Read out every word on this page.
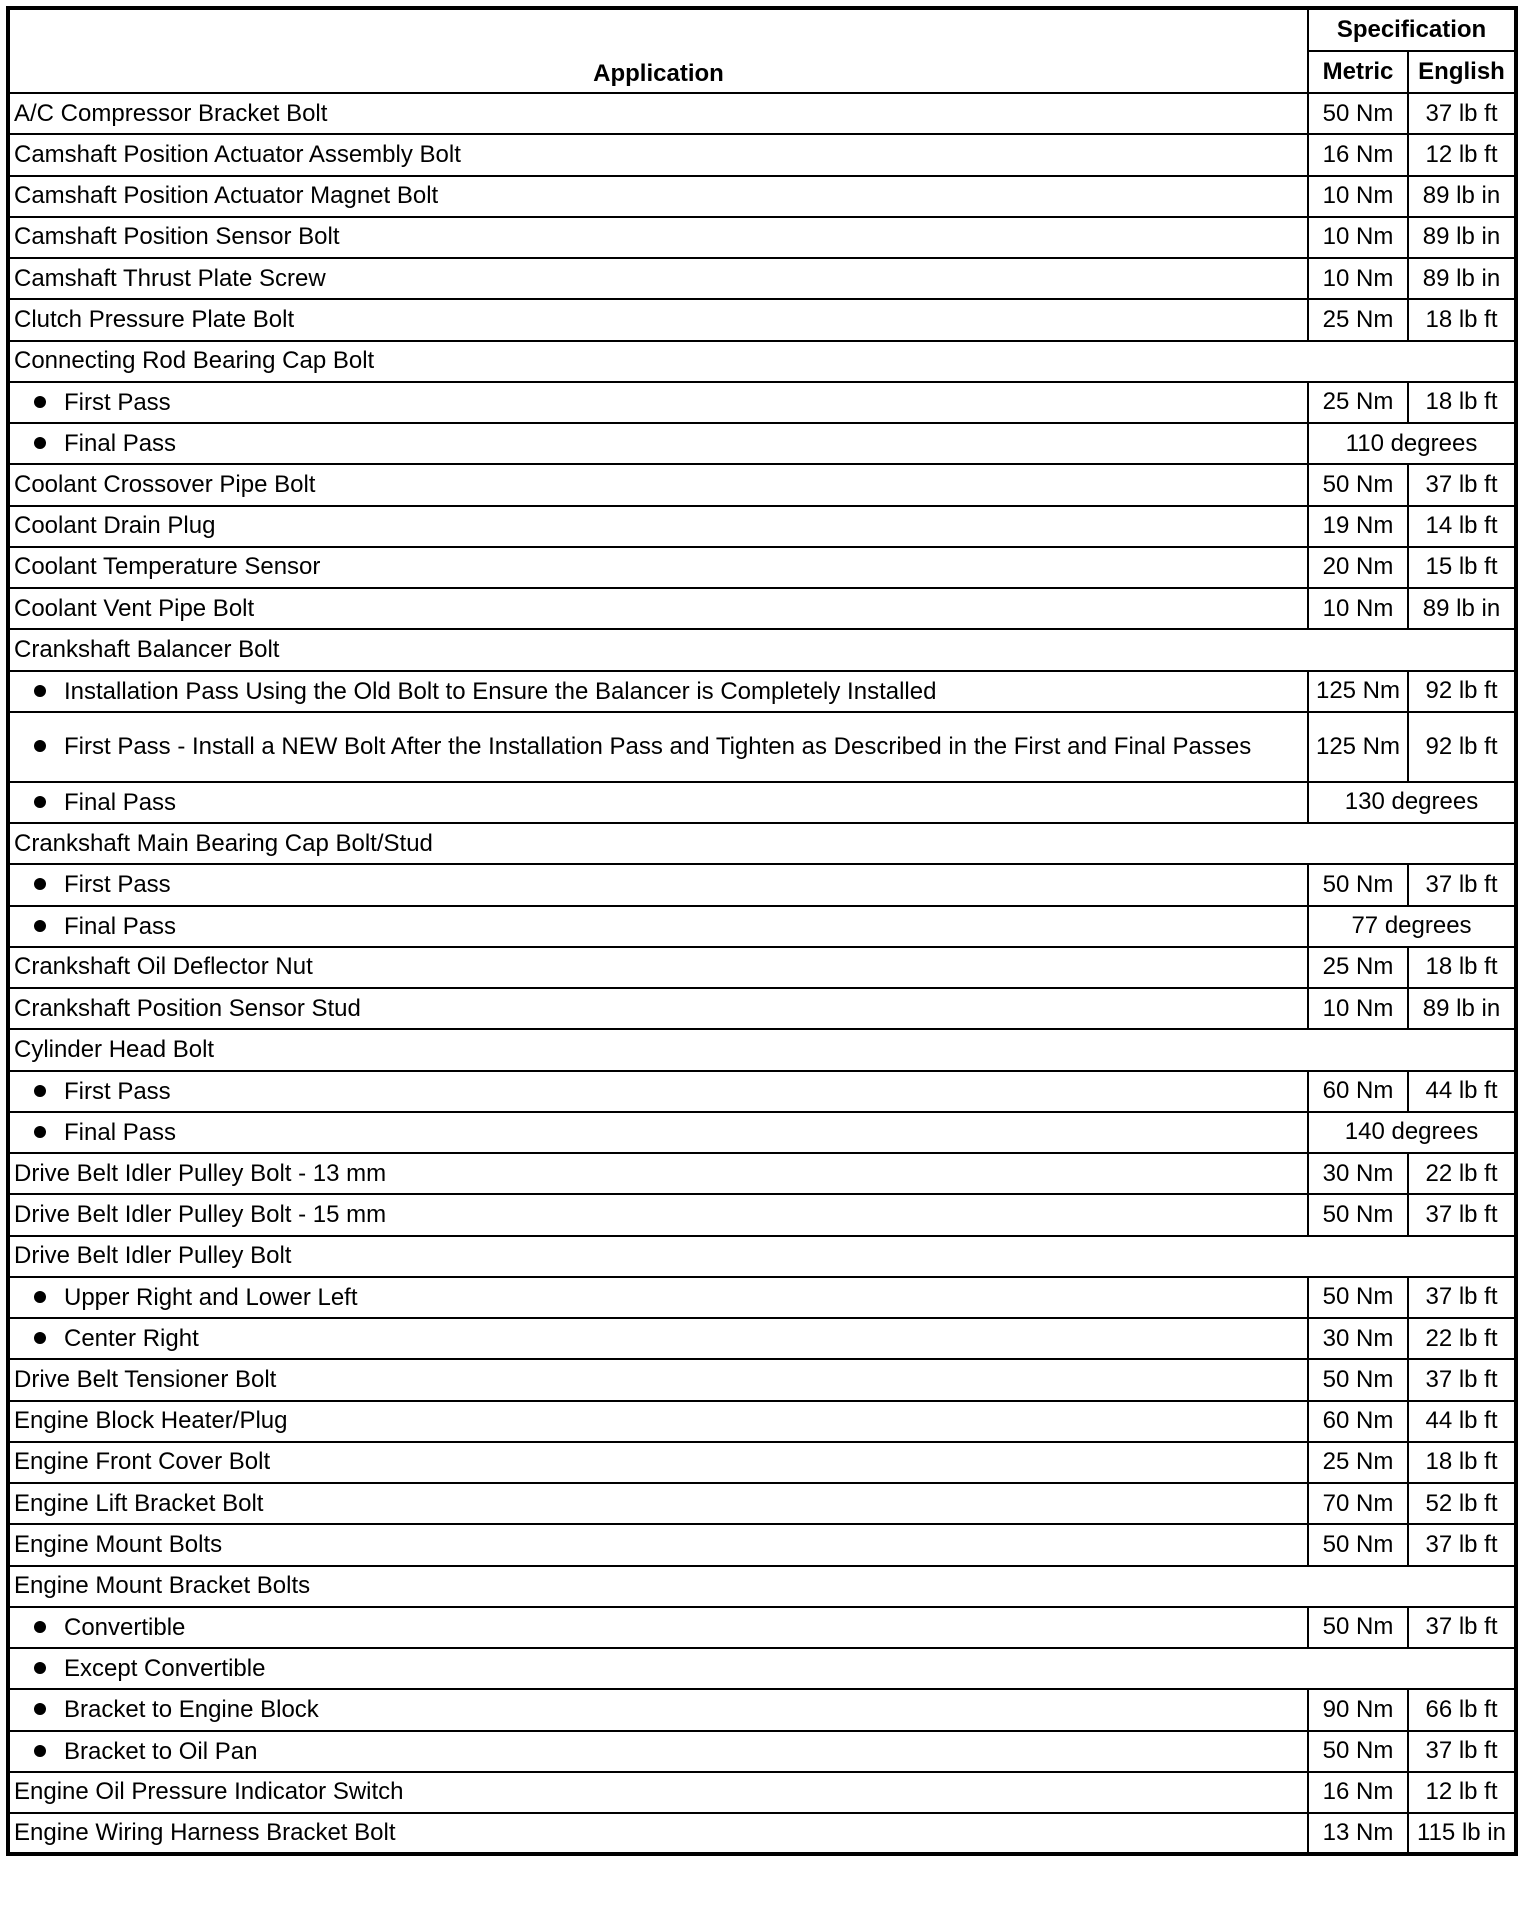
Application	Specification	
	Metric	English
A/C Compressor Bracket Bolt	50 Nm	37 lb ft
Camshaft Position Actuator Assembly Bolt	16 Nm	12 lb ft
Camshaft Position Actuator Magnet Bolt	10 Nm	89 lb in
Camshaft Position Sensor Bolt	10 Nm	89 lb in
Camshaft Thrust Plate Screw	10 Nm	89 lb in
Clutch Pressure Plate Bolt	25 Nm	18 lb ft
Connecting Rod Bearing Cap Bolt		

First Pass	25 Nm	18 lb ft

Final Pass	110 degrees	
Coolant Crossover Pipe Bolt	50 Nm	37 lb ft
Coolant Drain Plug	19 Nm	14 lb ft
Coolant Temperature Sensor	20 Nm	15 lb ft
Coolant Vent Pipe Bolt	10 Nm	89 lb in
Crankshaft Balancer Bolt		

Installation Pass Using the Old Bolt to Ensure the Balancer is Completely Installed	125 Nm	92 lb ft

First Pass - Install a NEW Bolt After the Installation Pass and Tighten as Described in the First and Final Passes	125 Nm	92 lb ft

Final Pass	130 degrees	
Crankshaft Main Bearing Cap Bolt/Stud		

First Pass	50 Nm	37 lb ft

Final Pass	77 degrees	
Crankshaft Oil Deflector Nut	25 Nm	18 lb ft
Crankshaft Position Sensor Stud	10 Nm	89 lb in
Cylinder Head Bolt		

First Pass	60 Nm	44 lb ft

Final Pass	140 degrees	
Drive Belt Idler Pulley Bolt - 13 mm	30 Nm	22 lb ft
Drive Belt Idler Pulley Bolt - 15 mm	50 Nm	37 lb ft
Drive Belt Idler Pulley Bolt		

Upper Right and Lower Left	50 Nm	37 lb ft

Center Right	30 Nm	22 lb ft
Drive Belt Tensioner Bolt	50 Nm	37 lb ft
Engine Block Heater/Plug	60 Nm	44 lb ft
Engine Front Cover Bolt	25 Nm	18 lb ft
Engine Lift Bracket Bolt	70 Nm	52 lb ft
Engine Mount Bolts	50 Nm	37 lb ft
Engine Mount Bracket Bolts		

Convertible	50 Nm	37 lb ft

Except Convertible		

Bracket to Engine Block	90 Nm	66 lb ft

Bracket to Oil Pan	50 Nm	37 lb ft
Engine Oil Pressure Indicator Switch	16 Nm	12 lb ft
Engine Wiring Harness Bracket Bolt	13 Nm	115 lb in
